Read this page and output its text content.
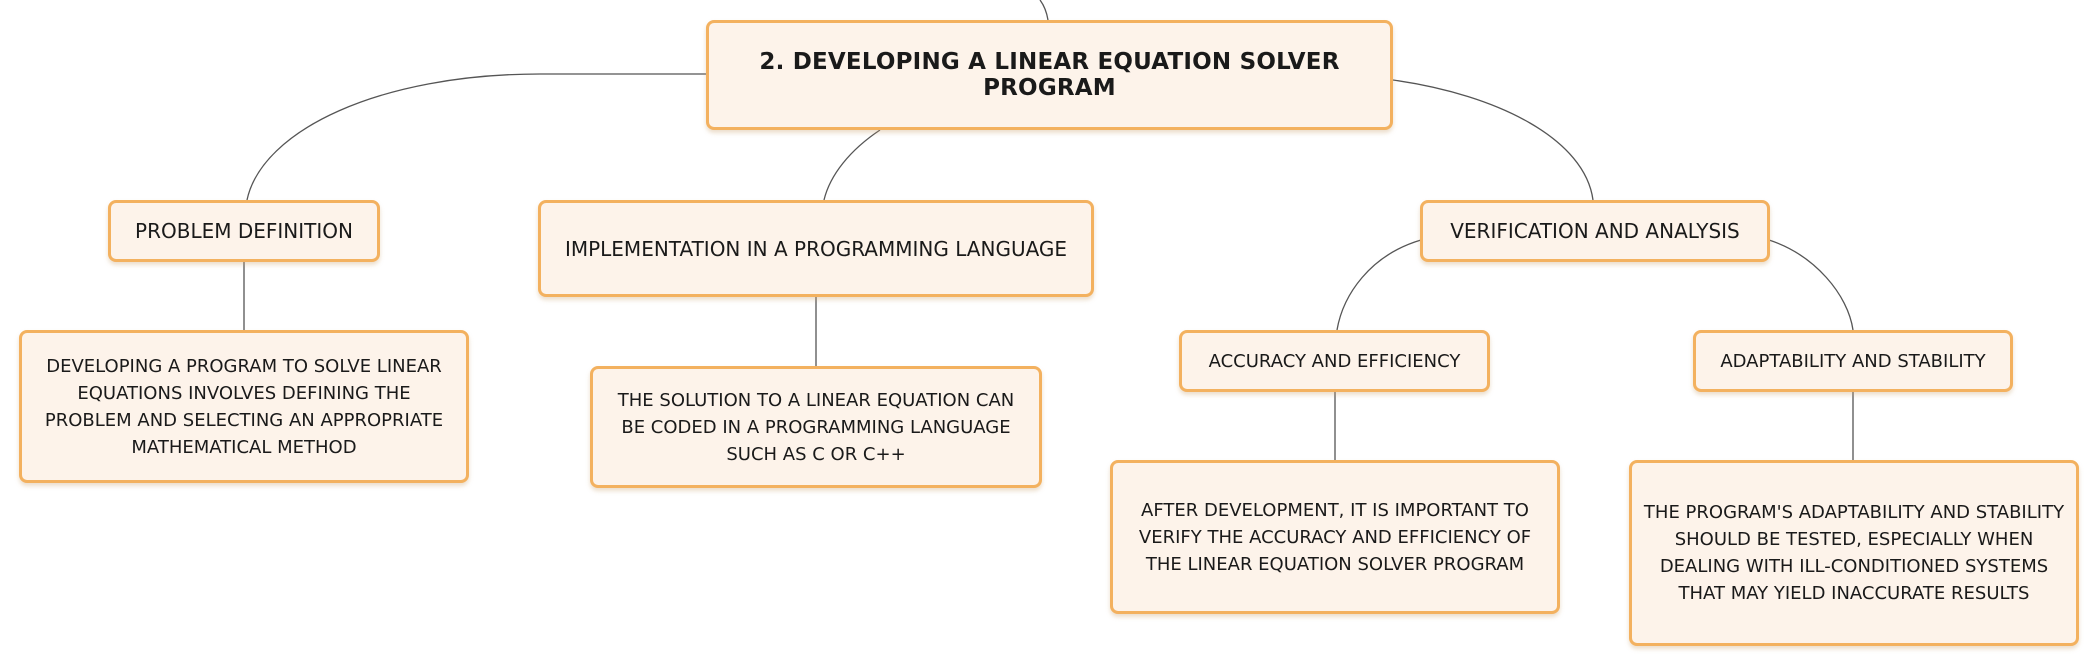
2. DEVELOPING A LINEAR EQUATION SOLVER PROGRAM
PROBLEM DEFINITION
DEVELOPING A PROGRAM TO SOLVE LINEAR EQUATIONS INVOLVES DEFINING THE PROBLEM AND SELECTING AN APPROPRIATE MATHEMATICAL METHOD
IMPLEMENTATION IN A PROGRAMMING LANGUAGE
THE SOLUTION TO A LINEAR EQUATION CAN BE CODED IN A PROGRAMMING LANGUAGE SUCH AS C OR C++
VERIFICATION AND ANALYSIS
ACCURACY AND EFFICIENCY
AFTER DEVELOPMENT, IT IS IMPORTANT TO VERIFY THE ACCURACY AND EFFICIENCY OF THE LINEAR EQUATION SOLVER PROGRAM
ADAPTABILITY AND STABILITY
THE PROGRAM'S ADAPTABILITY AND STABILITY SHOULD BE TESTED, ESPECIALLY WHEN DEALING WITH ILL-CONDITIONED SYSTEMS THAT MAY YIELD INACCURATE RESULTS
